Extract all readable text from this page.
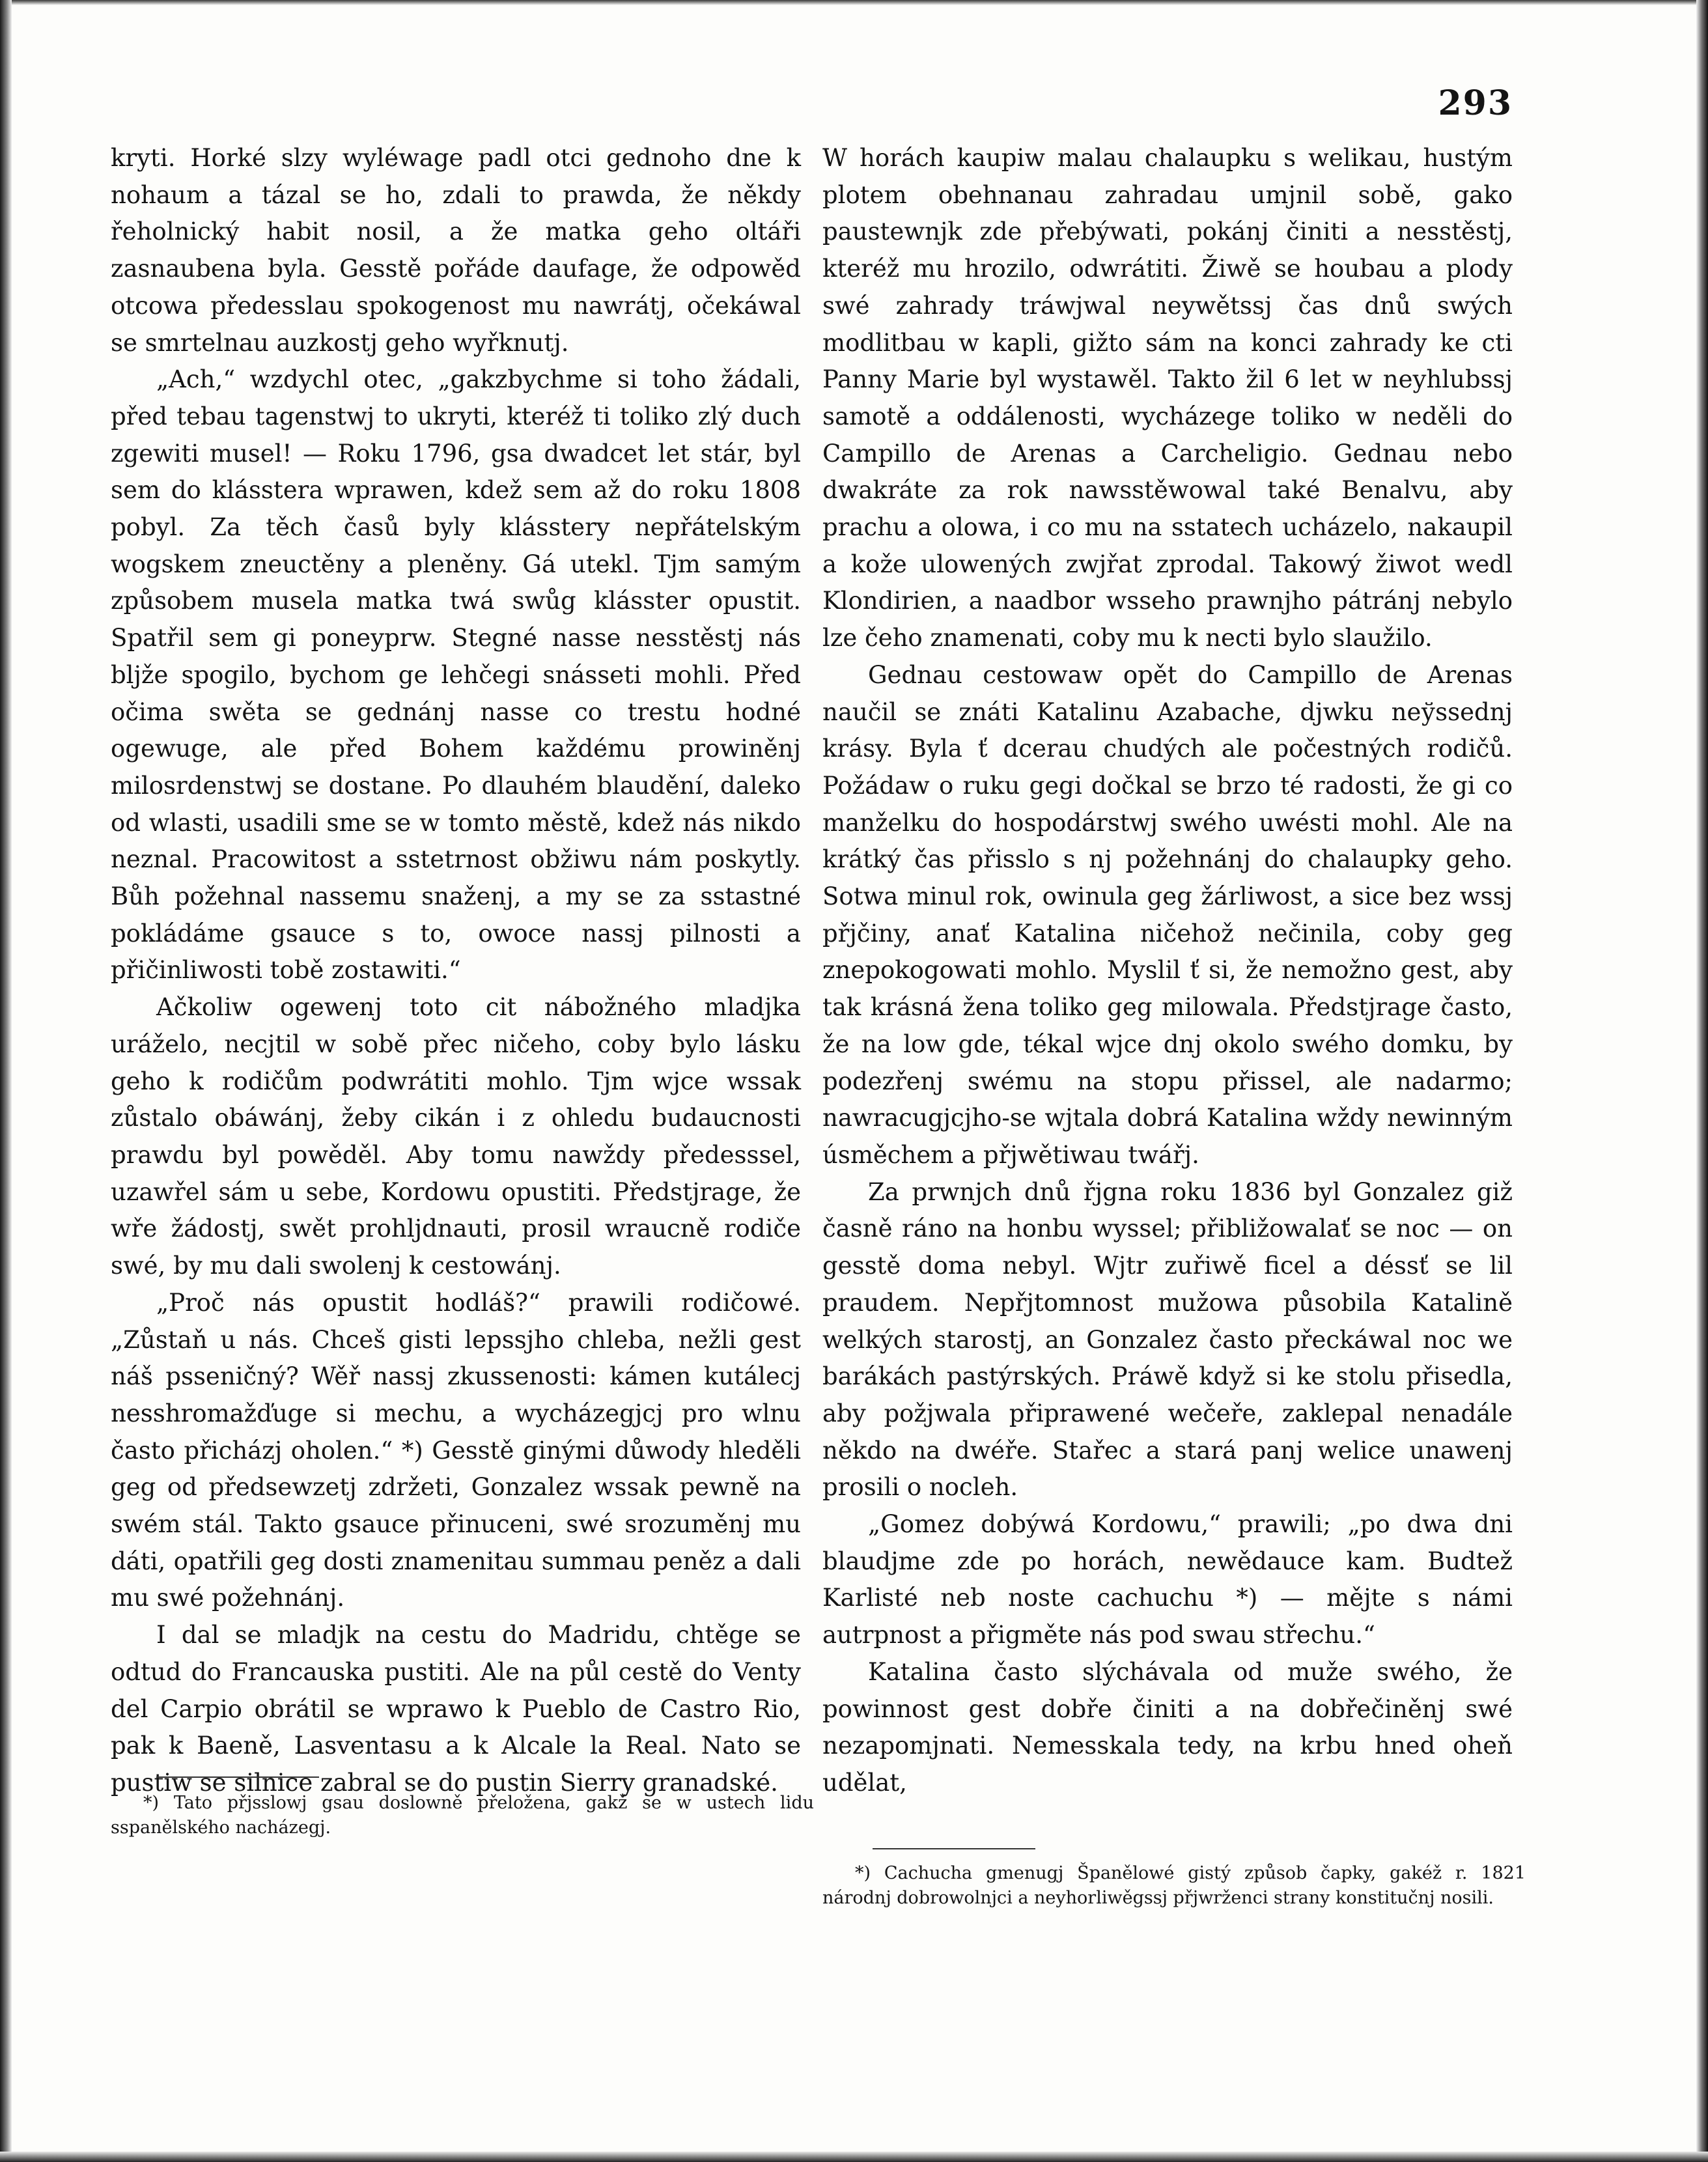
293

kryti. Horké slzy wyléwage padl otci gednoho dne k nohaum a tázal se ho, zdali to prawda, že někdy řeholnický habit nosil, a že matka geho oltáři zasnaubena byla. Gesstě pořáde daufage, že odpowěd otcowa předesslau spokogenost mu nawrátj, očekáwal se smrtelnau auzkostj geho wyřknutj.

„Ach,“ wzdychl otec, „gakzbychme si toho žádali, před tebau tagenstwj to ukryti, kteréž ti tolikо zlý duch zgewiti musel! — Roku 1796, gsa dwadcet let stár, byl sem do klásstera wprawen, kdež sem až do roku 1808 pobyl. Za těch časů byly klásstery nepřátelským wogskem zneuctěny a pleněny. Gá utekl. Tjm samým způsobem musela matka twá swůg klásster opustit. Spatřil sem gi poneyprw. Stegné nasse nesstěstj nás blјže spogilo, bychom ge lehčegi snássеti mohli. Před očima swěta se gednánj nasse co trestu hodné ogewuge, ale před Bohem každému prowiněnj milosrdenstwj se dostane. Po dlauhém blaudění, daleko od wlasti, usadili sme se w tomto městě, kdež nás nikdo neznal. Pracowitost a sstetrnost obžіwu nám poskytly. Bůh požehnal nassemu snaženj, a my se za sstastné pokládáme gsauce s to, owoce nassj pilnosti a přičinliwosti tobě zostawiti.“

Ačkoliw ogewenj toto cit nábožného mladjka urážеlo, necjtil w sobě přec ničeho, coby bylo lásku geho k rodičům podwrátiti mohlo. Tjm wjce wssak zůstalo obáwánj, žeby cikán i z ohledu budaucnosti prawdu byl powěděl. Aby tomu nawždy předesssel, uzawřel sám u sebe, Kordowu opustiti. Předstjrage, že wře žádostj, swět prohljdnauti, prosil wraucně rodiče swé, by mu dali swolenj k cestowánj.

„Proč nás opustit hodláš?“ prawili rodičowé. „Zůstaň u nás. Chceš gisti lepssјho chleba, nežli gest náš pssenіčný? Wěř nassј zkussenosti: kámen kutálecj nesshromažďuge si mechu, a wycházegjcj pro wlnu často přicházj oholen.“ *) Gesstě ginými důwody hleděli geg od předsewzetj zdržeti, Gonzalez wssak pewně na swém stál. Takto gsauce přinuceni, swé srozuměnj mu dáti, opatřili geg dosti znamenitau summau peněz a dali mu swé požehnánj.

I dal se mladjk na cestu do Madridu, chtěge se odtud do Francauska pustiti. Ale na půl cestě do Venty del Carpio obrátil se wprawo k Pueblo de Castro Rio, pak k Baeně, Lasventasu a k Alcale la Real. Nato se pustiw se silnice zabral se do pustin Sierry granadské.

*) Tato přjsslowj gsau doslowně přeložena, gakž se w ustech lidu sspanělského nacházegj.

W horách kaupiw malau chalaupku s welikau, hustým plotem obehnanau zahradau umjnil sobě, gako paustewnjk zde přebýwati, pokánj činiti a nesstěstj, kteréž mu hrozilo, odwrátiti. Žiwě se houbau a plody swé zahrady tráwjwal neywětssj čas dnů swých modlitbau w kapli, gižto sám na konci zahrady ke cti Panny Marie byl wystawěl. Takto žil 6 let w neyhlubssj samotě a oddálenosti, wycházege toliko w neděli do Campillo de Arenas a Carcheligio. Gednau nebo dwakráte za rok nawsstěwowal také Benalvu, aby prachu a olowa, i co mu na sstatech ucházelo, nakaupil a kože ulowených zwjřat zprodal. Takowý žiwot wedl Klondirien, a naadbor wsseho prawnjho pátránj nebylo lze čeho znamenati, coby mu k necti bylo slaužilo.

Gednau cestowaw opět do Campillo de Arenas naučil se znáti Katalinu Azabache, djwku neўssednj krásy. Byla ť dcerau chudých ale počestných rodičů. Požádaw o ruku gegi dočkal se brzo té radosti, že gi co manželku do hospodárstwj swého uwésti mohl. Ale na krátký čas přisslo s nj požehnánj do chalaupky geho. Sotwa minul rok, owinula geg žárliwost, a sice bez wssj přjčiny, anať Katalina ničehož nečinila, coby geg znepokogowati mohlo. Myslil ť si, že nemožno gest, aby tak krásná žena toliko geg milowala. Předstjrage často, že na low gde, tékal wjce dnj okolo swého domku, by podezřenj swému na stopu přissel, ale nadarmo; nawracugjcjho-se wjtala dobrá Katalina wždy newinným úsměchem a přjwětiwau twářj.

Za prwnjch dnů řjgna roku 1836 byl Gonzalez giž časně ráno na honbu wyssel; přibližowalať se noc — on gesstě doma nebyl. Wjtr zuřiwě ficel a déssť se lil praudem. Nepřjtomnost mužowa působila Katalině welkých starostj, an Gonzalez často přeckáwal noc we barákách pastýrských. Práwě když si ke stolu přisedla, aby požјwala připrawené wečeře, zaklepal nenadále někdo na dwéře. Stařec a stará panj welice unawenj prosili o nocleh.

„Gomez dobýwá Kordowu,“ prawili; „po dwa dni blaudjme zde po horách, newědauce kam. Budtež Karlisté neb noste cachuchu *) — mějte s námi autrpnost a přigměte nás pod swau střechu.“

Katalina často slýchávala od muže swého, že powinnost gest dobře činiti a na dobřečiněnj swé nezapomjnati. Nemesskala tedy, na krbu hned oheň udělat,

*) Cachucha gmenugj Španělowé gistý způsob čapky, gakéž r. 1821 národnj dobrowolnjci a neyhorliwěgssj přjwrženci strany konstitučnj nosili.
